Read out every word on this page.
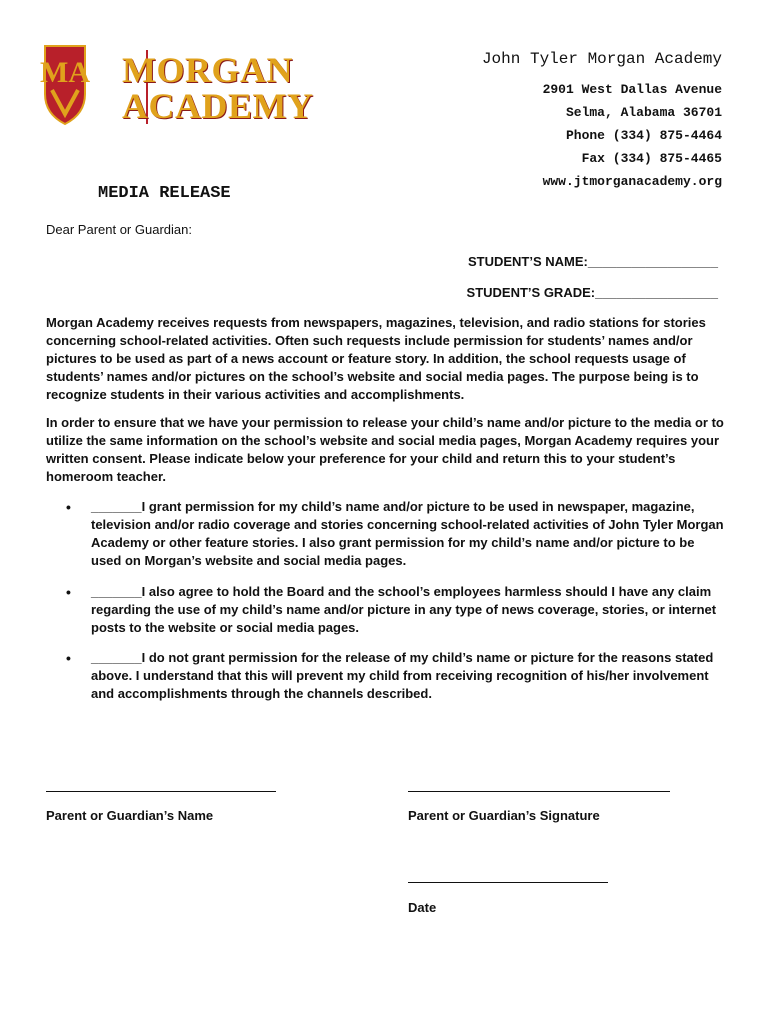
MA MORGAN
ACADEMY
John Tyler Morgan Academy
2901 West Dallas Avenue
Selma, Alabama 36701
Phone (334) 875-4464
Fax (334) 875-4465
www.jtmorganacademy.org
MEDIA RELEASE
Dear Parent or Guardian:
STUDENT’S NAME:__________________
STUDENT’S GRADE:_________________
Morgan Academy receives requests from newspapers, magazines, television, and radio stations for stories concerning school-related activities. Often such requests include permission for students’ names and/or pictures to be used as part of a news account or feature story. In addition, the school requests usage of students’ names and/or pictures on the school’s website and social media pages. The purpose being is to recognize students in their various activities and accomplishments.
In order to ensure that we have your permission to release your child’s name and/or picture to the media or to utilize the same information on the school’s website and social media pages, Morgan Academy requires your written consent. Please indicate below your preference for your child and return this to your student’s homeroom teacher.
• _______I grant permission for my child’s name and/or picture to be used in newspaper, magazine, television and/or radio coverage and stories concerning school-related activities of John Tyler Morgan Academy or other feature stories. I also grant permission for my child’s name and/or picture to be used on Morgan’s website and social media pages.
• _______I also agree to hold the Board and the school’s employees harmless should I have any claim regarding the use of my child’s name and/or picture in any type of news coverage, stories, or internet posts to the website or social media pages.
• _______I do not grant permission for the release of my child’s name or picture for the reasons stated above. I understand that this will prevent my child from receiving recognition of his/her involvement and accomplishments through the channels described.
Parent or Guardian’s Name	Parent or Guardian’s Signature
Date
